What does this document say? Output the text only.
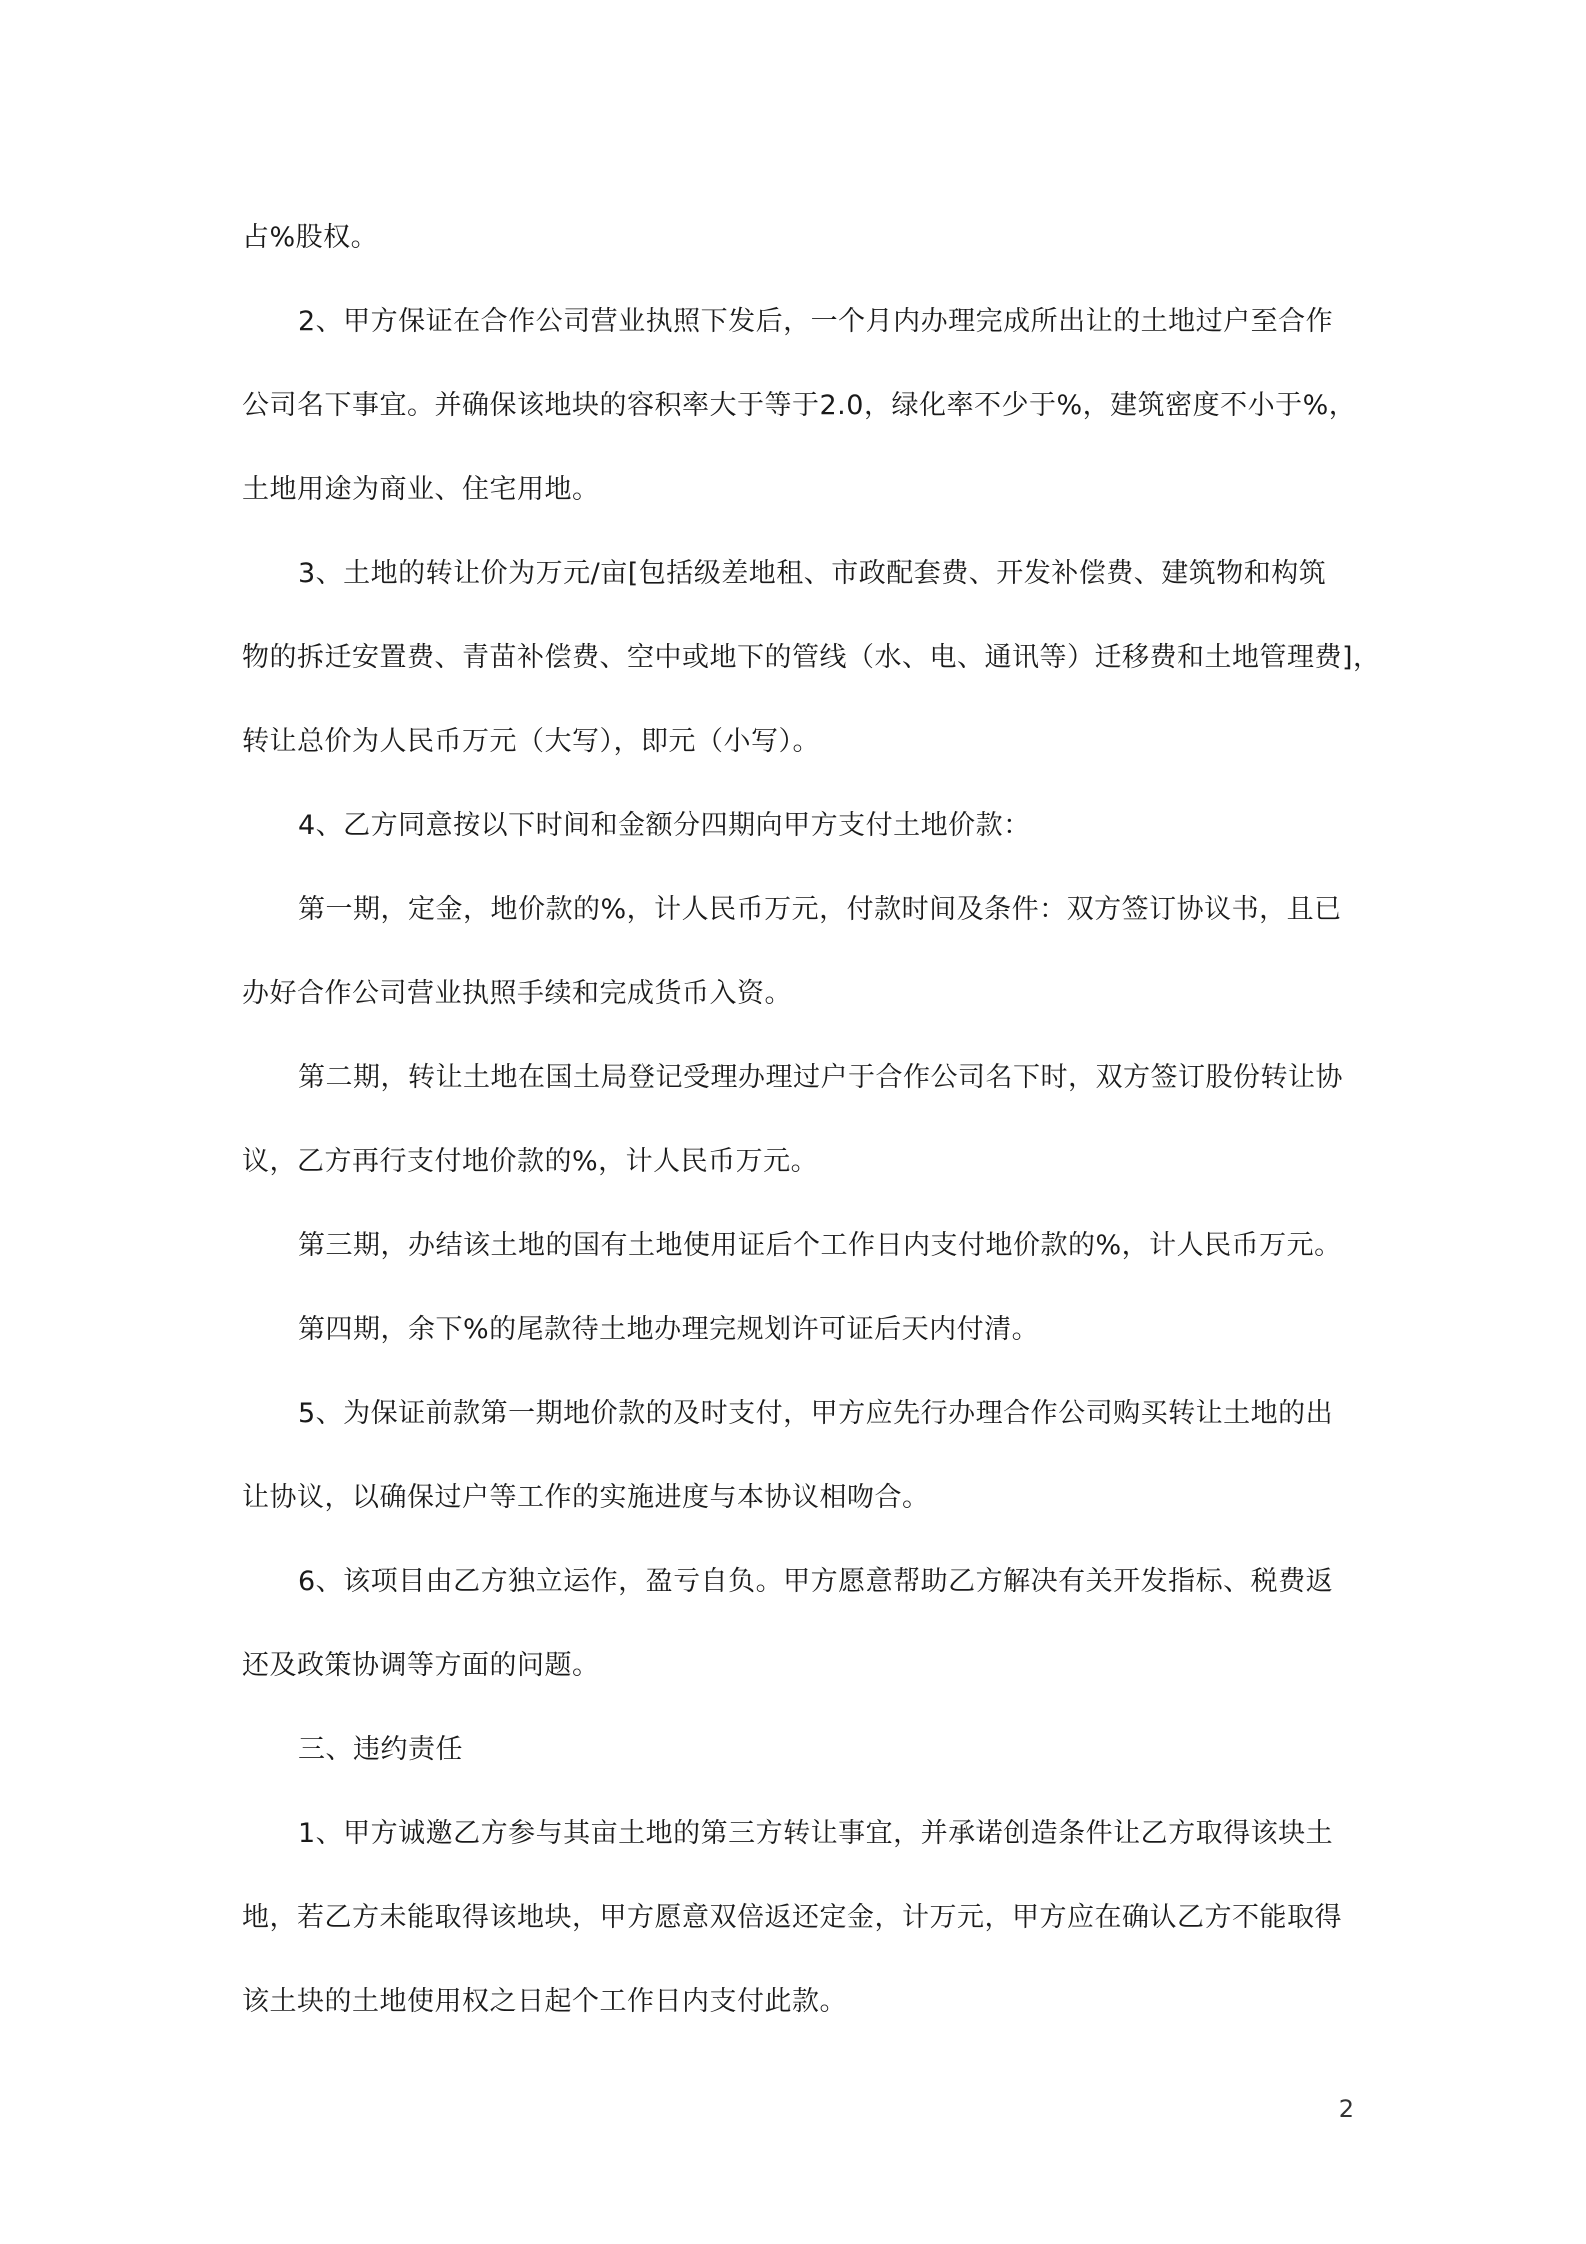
占%股权。

2、甲方保证在合作公司营业执照下发后，一个月内办理完成所出让的土地过户至合作

公司名下事宜。并确保该地块的容积率大于等于2.0，绿化率不少于%，建筑密度不小于%，

土地用途为商业、住宅用地。

3、土地的转让价为万元/亩[包括级差地租、市政配套费、开发补偿费、建筑物和构筑

物的拆迁安置费、青苗补偿费、空中或地下的管线（水、电、通讯等）迁移费和土地管理费]，

转让总价为人民币万元（大写），即元（小写）。

4、乙方同意按以下时间和金额分四期向甲方支付土地价款：

第一期，定金，地价款的%，计人民币万元，付款时间及条件：双方签订协议书，且已

办好合作公司营业执照手续和完成货币入资。

第二期，转让土地在国土局登记受理办理过户于合作公司名下时，双方签订股份转让协

议，乙方再行支付地价款的%，计人民币万元。

第三期，办结该土地的国有土地使用证后个工作日内支付地价款的%，计人民币万元。

第四期，余下%的尾款待土地办理完规划许可证后天内付清。

5、为保证前款第一期地价款的及时支付，甲方应先行办理合作公司购买转让土地的出

让协议，以确保过户等工作的实施进度与本协议相吻合。

6、该项目由乙方独立运作，盈亏自负。甲方愿意帮助乙方解决有关开发指标、税费返

还及政策协调等方面的问题。

三、违约责任

1、甲方诚邀乙方参与其亩土地的第三方转让事宜，并承诺创造条件让乙方取得该块土

地，若乙方未能取得该地块，甲方愿意双倍返还定金，计万元，甲方应在确认乙方不能取得

该土块的土地使用权之日起个工作日内支付此款。

2
